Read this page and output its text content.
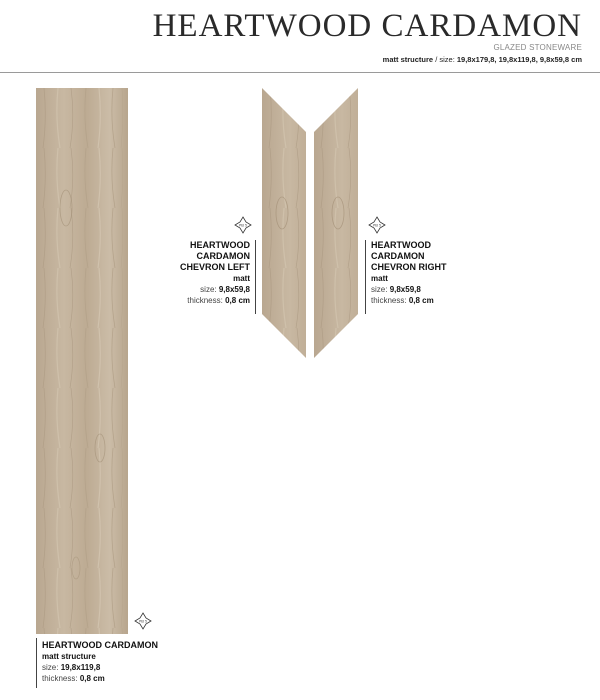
HEARTWOOD CARDAMON
GLAZED STONEWARE
matt structure / size: 19,8x179,8, 19,8x119,8, 9,8x59,8 cm
PEI 5	PEI 5
PEI 5
HEARTWOOD
CARDAMON
CHEVRON LEFT
matt
size: 9,8x59,8
thickness: 0,8 cm
HEARTWOOD
CARDAMON
CHEVRON RIGHT
matt
size: 9,8x59,8
thickness: 0,8 cm
HEARTWOOD CARDAMON
matt structure
size: 19,8x119,8
thickness: 0,8 cm
